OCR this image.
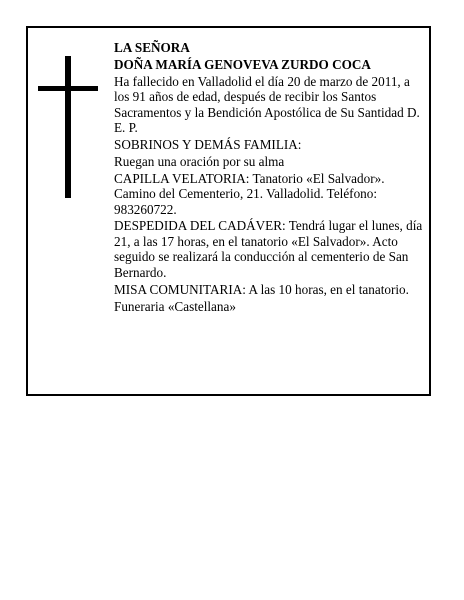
LA SEÑORA

DOÑA MARÍA GENOVEVA ZURDO COCA

Ha fallecido en Valladolid el día 20 de marzo de 2011, a los 91 años de edad, después de recibir los Santos Sacramentos y la Bendición Apostólica de Su Santidad D. E. P.

SOBRINOS Y DEMÁS FAMILIA:

Ruegan una oración por su alma

CAPILLA VELATORIA: Tanatorio «El Salvador». Camino del Cementerio, 21. Valladolid. Teléfono: 983260722.

DESPEDIDA DEL CADÁVER: Tendrá lugar el lunes, día 21, a las 17 horas, en el tanatorio «El Salvador». Acto seguido se realizará la conducción al cementerio de San Bernardo.

MISA COMUNITARIA: A las 10 horas, en el tanatorio.

Funeraria «Castellana»
